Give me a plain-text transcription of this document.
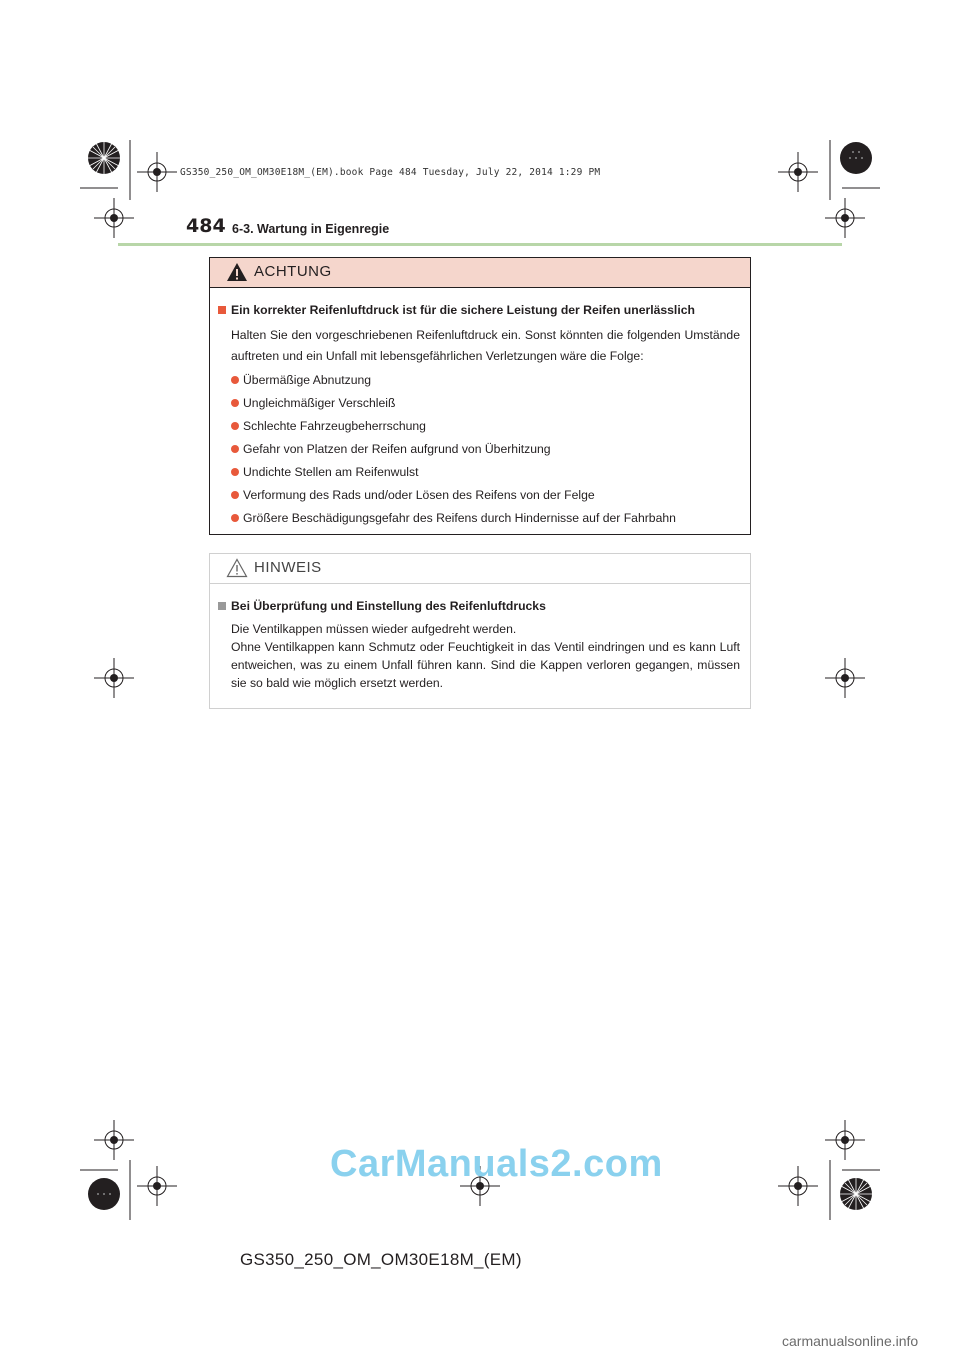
GS350_250_OM_OM30E18M_(EM).book Page 484 Tuesday, July 22, 2014 1:29 PM
484 6-3. Wartung in Eigenregie
ACHTUNG
Ein korrekter Reifenluftdruck ist für die sichere Leistung der Reifen unerlässlich
Halten Sie den vorgeschriebenen Reifenluftdruck ein. Sonst könnten die folgenden Umstände auftreten und ein Unfall mit lebensgefährlichen Verletzungen wäre die Folge:
Übermäßige Abnutzung
Ungleichmäßiger Verschleiß
Schlechte Fahrzeugbeherrschung
Gefahr von Platzen der Reifen aufgrund von Überhitzung
Undichte Stellen am Reifenwulst
Verformung des Rads und/oder Lösen des Reifens von der Felge
Größere Beschädigungsgefahr des Reifens durch Hindernisse auf der Fahrbahn
HINWEIS
Bei Überprüfung und Einstellung des Reifenluftdrucks
Die Ventilkappen müssen wieder aufgedreht werden.
Ohne Ventilkappen kann Schmutz oder Feuchtigkeit in das Ventil eindringen und es kann Luft entweichen, was zu einem Unfall führen kann. Sind die Kappen verloren gegangen, müssen sie so bald wie möglich ersetzt werden.
CarManuals2.com
GS350_250_OM_OM30E18M_(EM)
carmanualsonline.info
